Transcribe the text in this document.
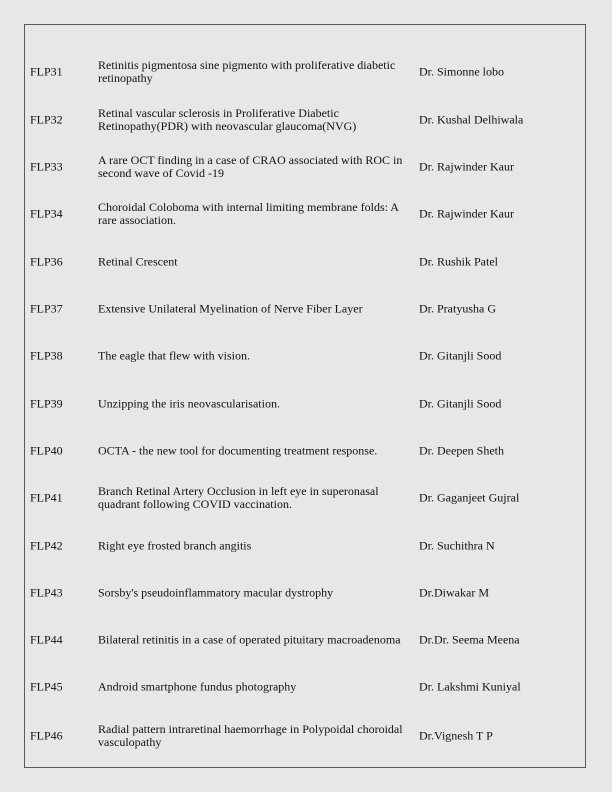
FLP31	Retinitis pigmentosa sine pigmento with proliferative diabetic retinopathy	Dr. Simonne lobo
FLP32	Retinal vascular sclerosis in Proliferative Diabetic Retinopathy(PDR) with neovascular glaucoma(NVG)	Dr. Kushal Delhiwala
FLP33	A rare OCT finding in a case of CRAO associated with ROC in second wave of Covid -19	Dr. Rajwinder Kaur
FLP34	Choroidal Coloboma with internal limiting membrane folds: A rare association.	Dr. Rajwinder Kaur
FLP36	Retinal Crescent	Dr. Rushik Patel
FLP37	Extensive Unilateral Myelination of Nerve Fiber Layer	Dr. Pratyusha G
FLP38	The eagle that flew with vision.	Dr. Gitanjli Sood
FLP39	Unzipping the iris neovascularisation.	Dr. Gitanjli Sood
FLP40	OCTA - the new tool for documenting treatment response.	Dr. Deepen Sheth
FLP41	Branch Retinal Artery Occlusion in left eye in superonasal quadrant following COVID vaccination.	Dr. Gaganjeet Gujral
FLP42	Right eye frosted branch angitis	Dr. Suchithra N
FLP43	Sorsby's pseudoinflammatory macular dystrophy	Dr.Diwakar M
FLP44	Bilateral retinitis in a case of operated pituitary macroadenoma	Dr.Dr. Seema Meena
FLP45	Android smartphone fundus photography	Dr. Lakshmi Kuniyal
FLP46	Radial pattern intraretinal haemorrhage in Polypoidal choroidal vasculopathy	Dr.Vignesh T P
